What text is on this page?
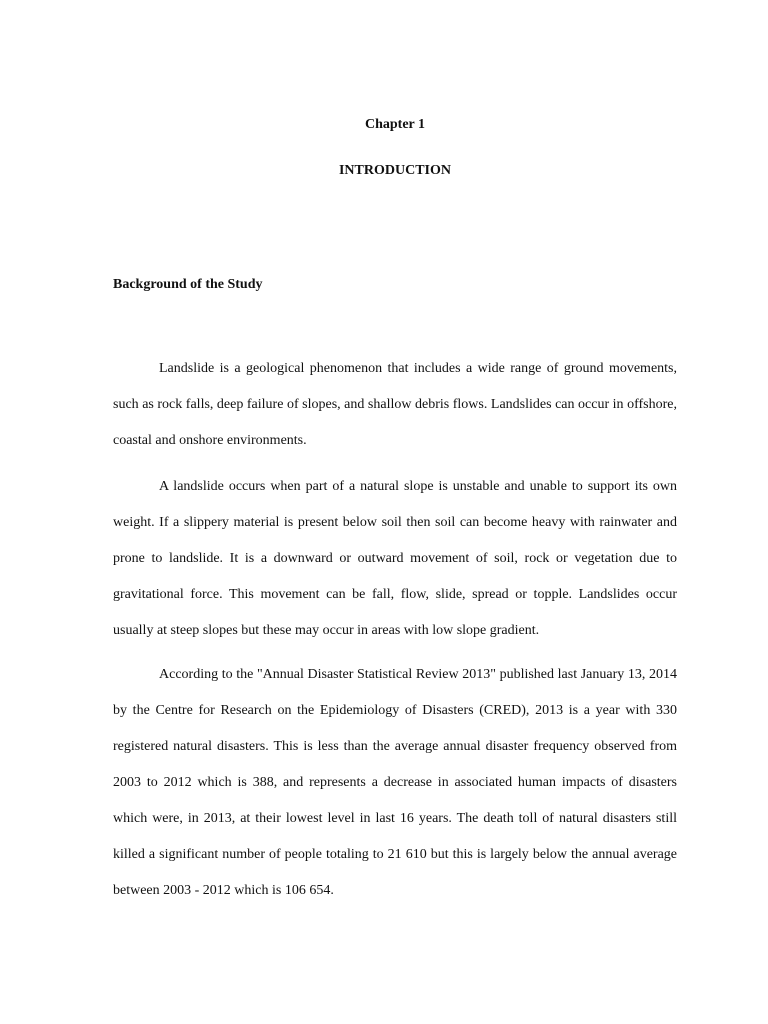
Chapter 1
INTRODUCTION
Background of the Study

Landslide is a geological phenomenon that includes a wide range of ground movements, such as rock falls, deep failure of slopes, and shallow debris flows. Landslides can occur in offshore, coastal and onshore environments.

A landslide occurs when part of a natural slope is unstable and unable to support its own weight. If a slippery material is present below soil then soil can become heavy with rainwater and prone to landslide. It is a downward or outward movement of soil, rock or vegetation due to gravitational force. This movement can be fall, flow, slide, spread or topple. Landslides occur usually at steep slopes but these may occur in areas with low slope gradient.

According to the "Annual Disaster Statistical Review 2013" published last January 13, 2014 by the Centre for Research on the Epidemiology of Disasters (CRED), 2013 is a year with 330 registered natural disasters. This is less than the average annual disaster frequency observed from 2003 to 2012 which is 388, and represents a decrease in associated human impacts of disasters which were, in 2013, at their lowest level in last 16 years. The death toll of natural disasters still killed a significant number of people totaling to 21 610 but this is largely below the annual average between 2003 - 2012 which is 106 654.
